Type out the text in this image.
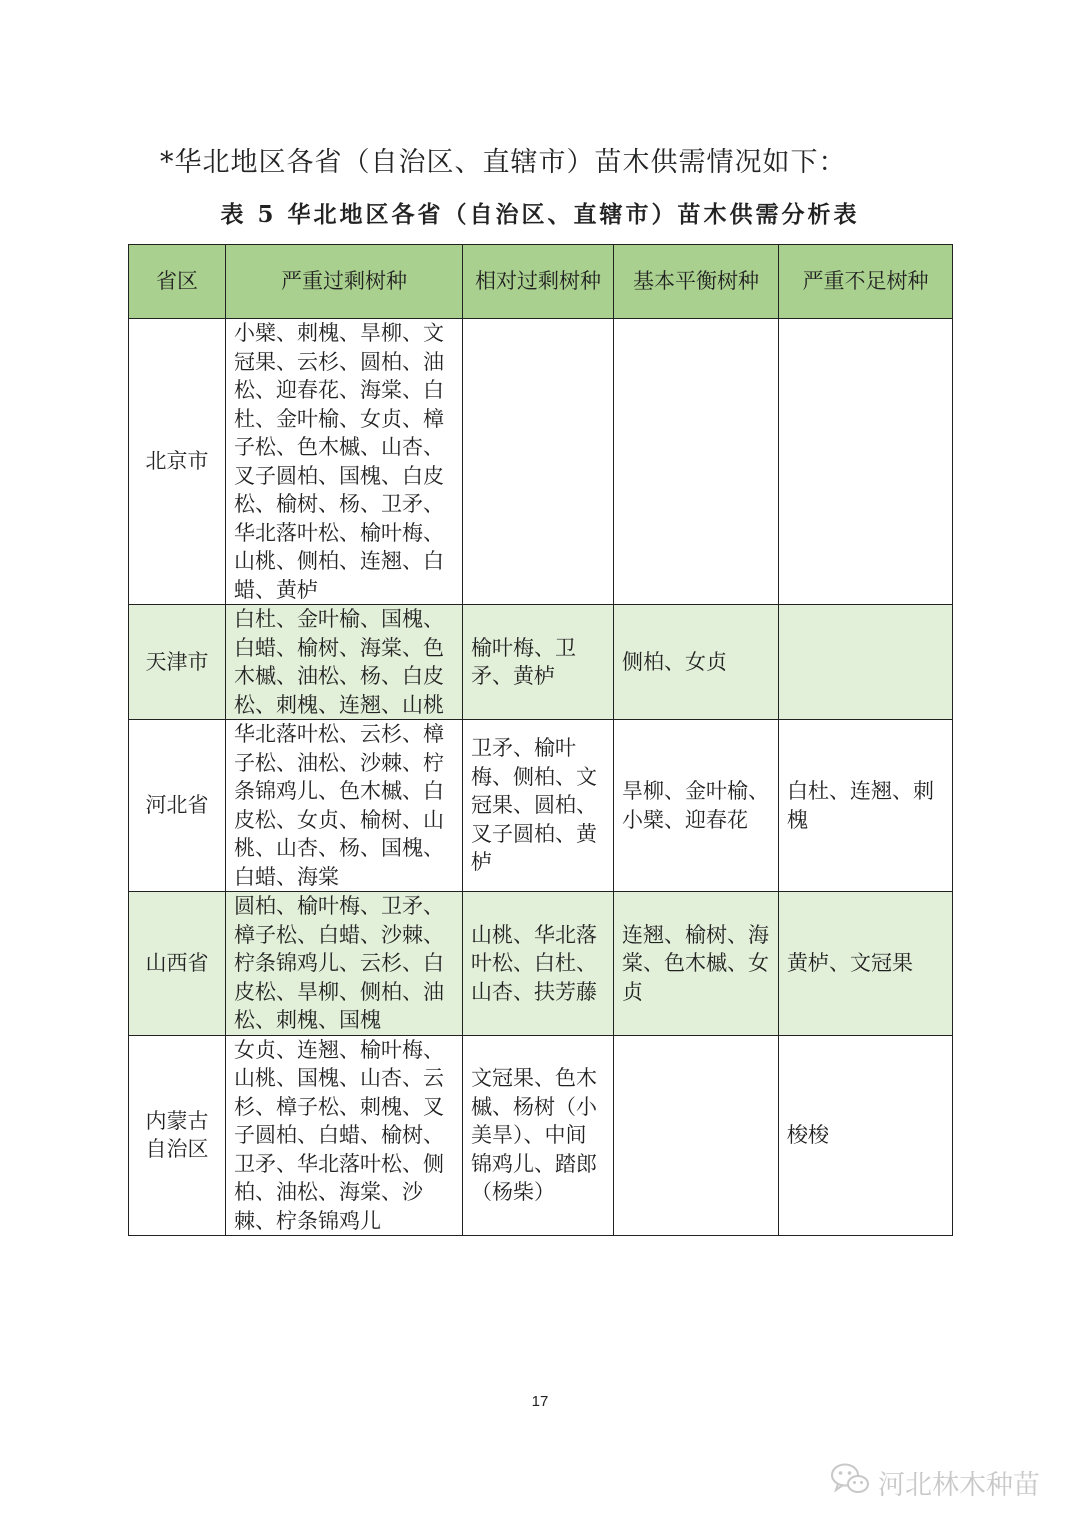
*华北地区各省（自治区、直辖市）苗木供需情况如下：
表 5 华北地区各省（自治区、直辖市）苗木供需分析表
省区	严重过剩树种	相对过剩树种	基本平衡树种	严重不足树种
北京市	小檗、刺槐、旱柳、文冠果、云杉、圆柏、油松、迎春花、海棠、白杜、金叶榆、女贞、樟子松、色木槭、山杏、叉子圆柏、国槐、白皮松、榆树、杨、卫矛、华北落叶松、榆叶梅、山桃、侧柏、连翘、白蜡、黄栌			
天津市	白杜、金叶榆、国槐、白蜡、榆树、海棠、色木槭、油松、杨、白皮松、刺槐、连翘、山桃	榆叶梅、卫矛、黄栌	侧柏、女贞	
河北省	华北落叶松、云杉、樟子松、油松、沙棘、柠条锦鸡儿、色木槭、白皮松、女贞、榆树、山桃、山杏、杨、国槐、白蜡、海棠	卫矛、榆叶梅、侧柏、文冠果、圆柏、叉子圆柏、黄栌	旱柳、金叶榆、小檗、迎春花	白杜、连翘、刺槐
山西省	圆柏、榆叶梅、卫矛、樟子松、白蜡、沙棘、柠条锦鸡儿、云杉、白皮松、旱柳、侧柏、油松、刺槐、国槐	山桃、华北落叶松、白杜、山杏、扶芳藤	连翘、榆树、海棠、色木槭、女贞	黄栌、文冠果
内蒙古自治区	女贞、连翘、榆叶梅、山桃、国槐、山杏、云杉、樟子松、刺槐、叉子圆柏、白蜡、榆树、卫矛、华北落叶松、侧柏、油松、海棠、沙棘、柠条锦鸡儿	文冠果、色木槭、杨树（小美旱）、中间锦鸡儿、踏郎（杨柴）		梭梭
17
河北林木种苗
